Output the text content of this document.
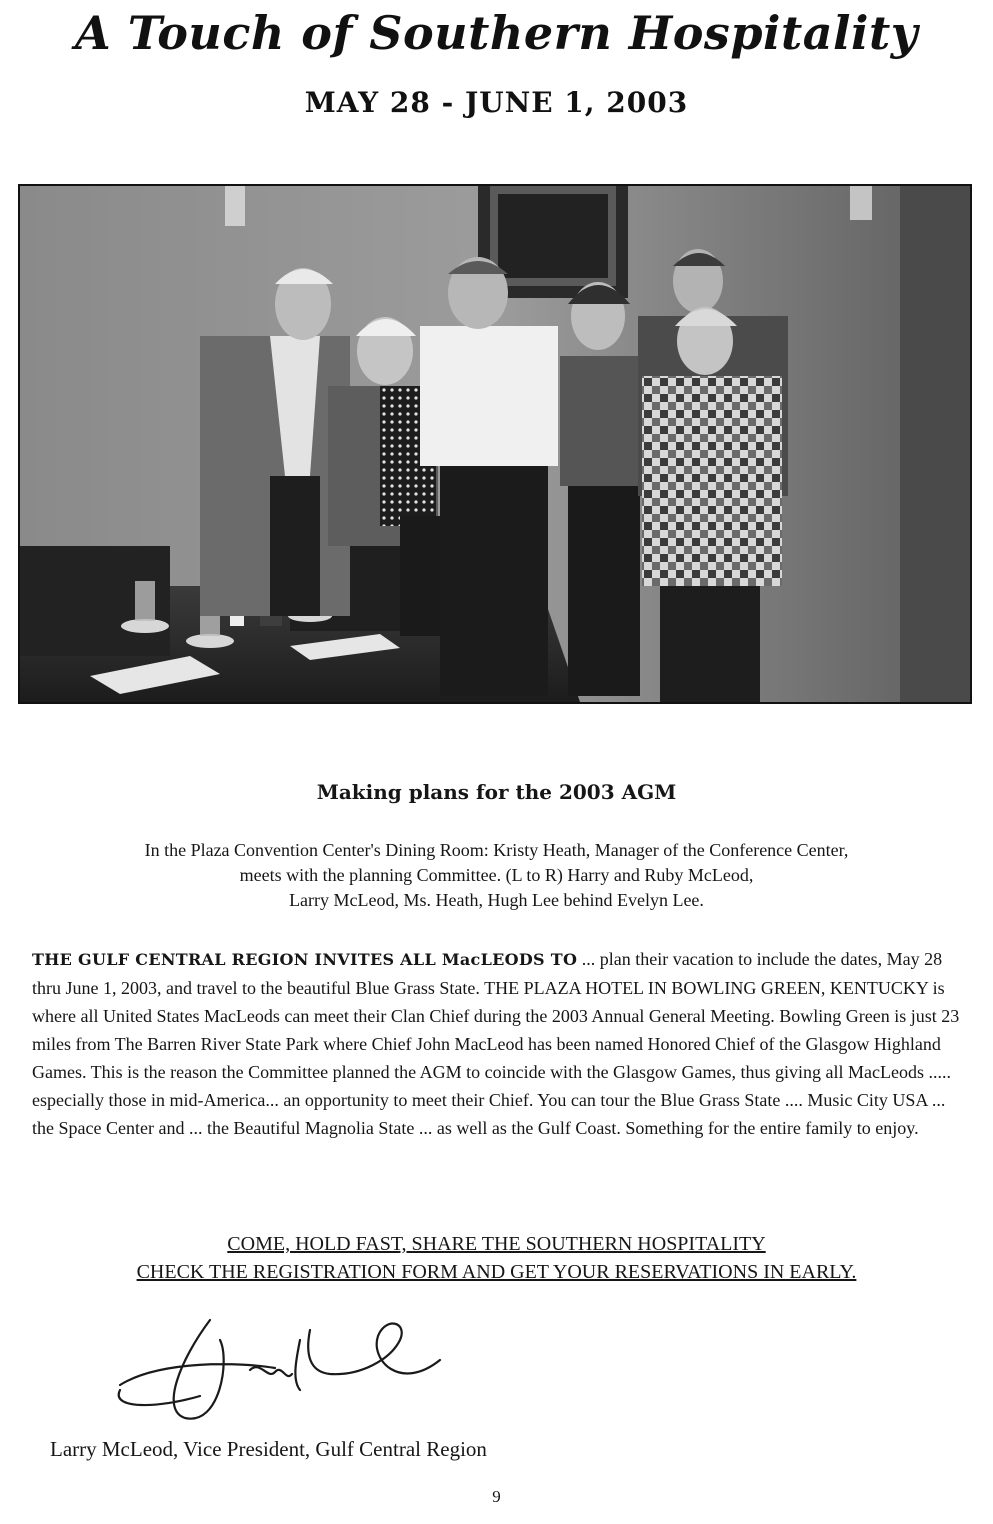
A Touch of Southern Hospitality
MAY 28 - JUNE 1, 2003
Making plans for the 2003 AGM

In the Plaza Convention Center's Dining Room: Kristy Heath, Manager of the Conference Center,
meets with the planning Committee. (L to R) Harry and Ruby McLeod,
Larry McLeod, Ms. Heath, Hugh Lee behind Evelyn Lee.

THE GULF CENTRAL REGION INVITES ALL MacLEODS TO ... plan their vacation to include the dates, May 28 thru June 1, 2003, and travel to the beautiful Blue Grass State. THE PLAZA HOTEL IN BOWLING GREEN, KENTUCKY is where all United States MacLeods can meet their Clan Chief during the 2003 Annual General Meeting. Bowling Green is just 23 miles from The Barren River State Park where Chief John MacLeod has been named Honored Chief of the Glasgow Highland Games. This is the reason the Committee planned the AGM to coincide with the Glasgow Games, thus giving all MacLeods ..... especially those in mid-America... an opportunity to meet their Chief. You can tour the Blue Grass State .... Music City USA ... the Space Center and ... the Beautiful Magnolia State ... as well as the Gulf Coast. Something for the entire family to enjoy.

COME, HOLD FAST, SHARE THE SOUTHERN HOSPITALITY
CHECK THE REGISTRATION FORM AND GET YOUR RESERVATIONS IN EARLY.

Larry McLeod, Vice President, Gulf Central Region

9
